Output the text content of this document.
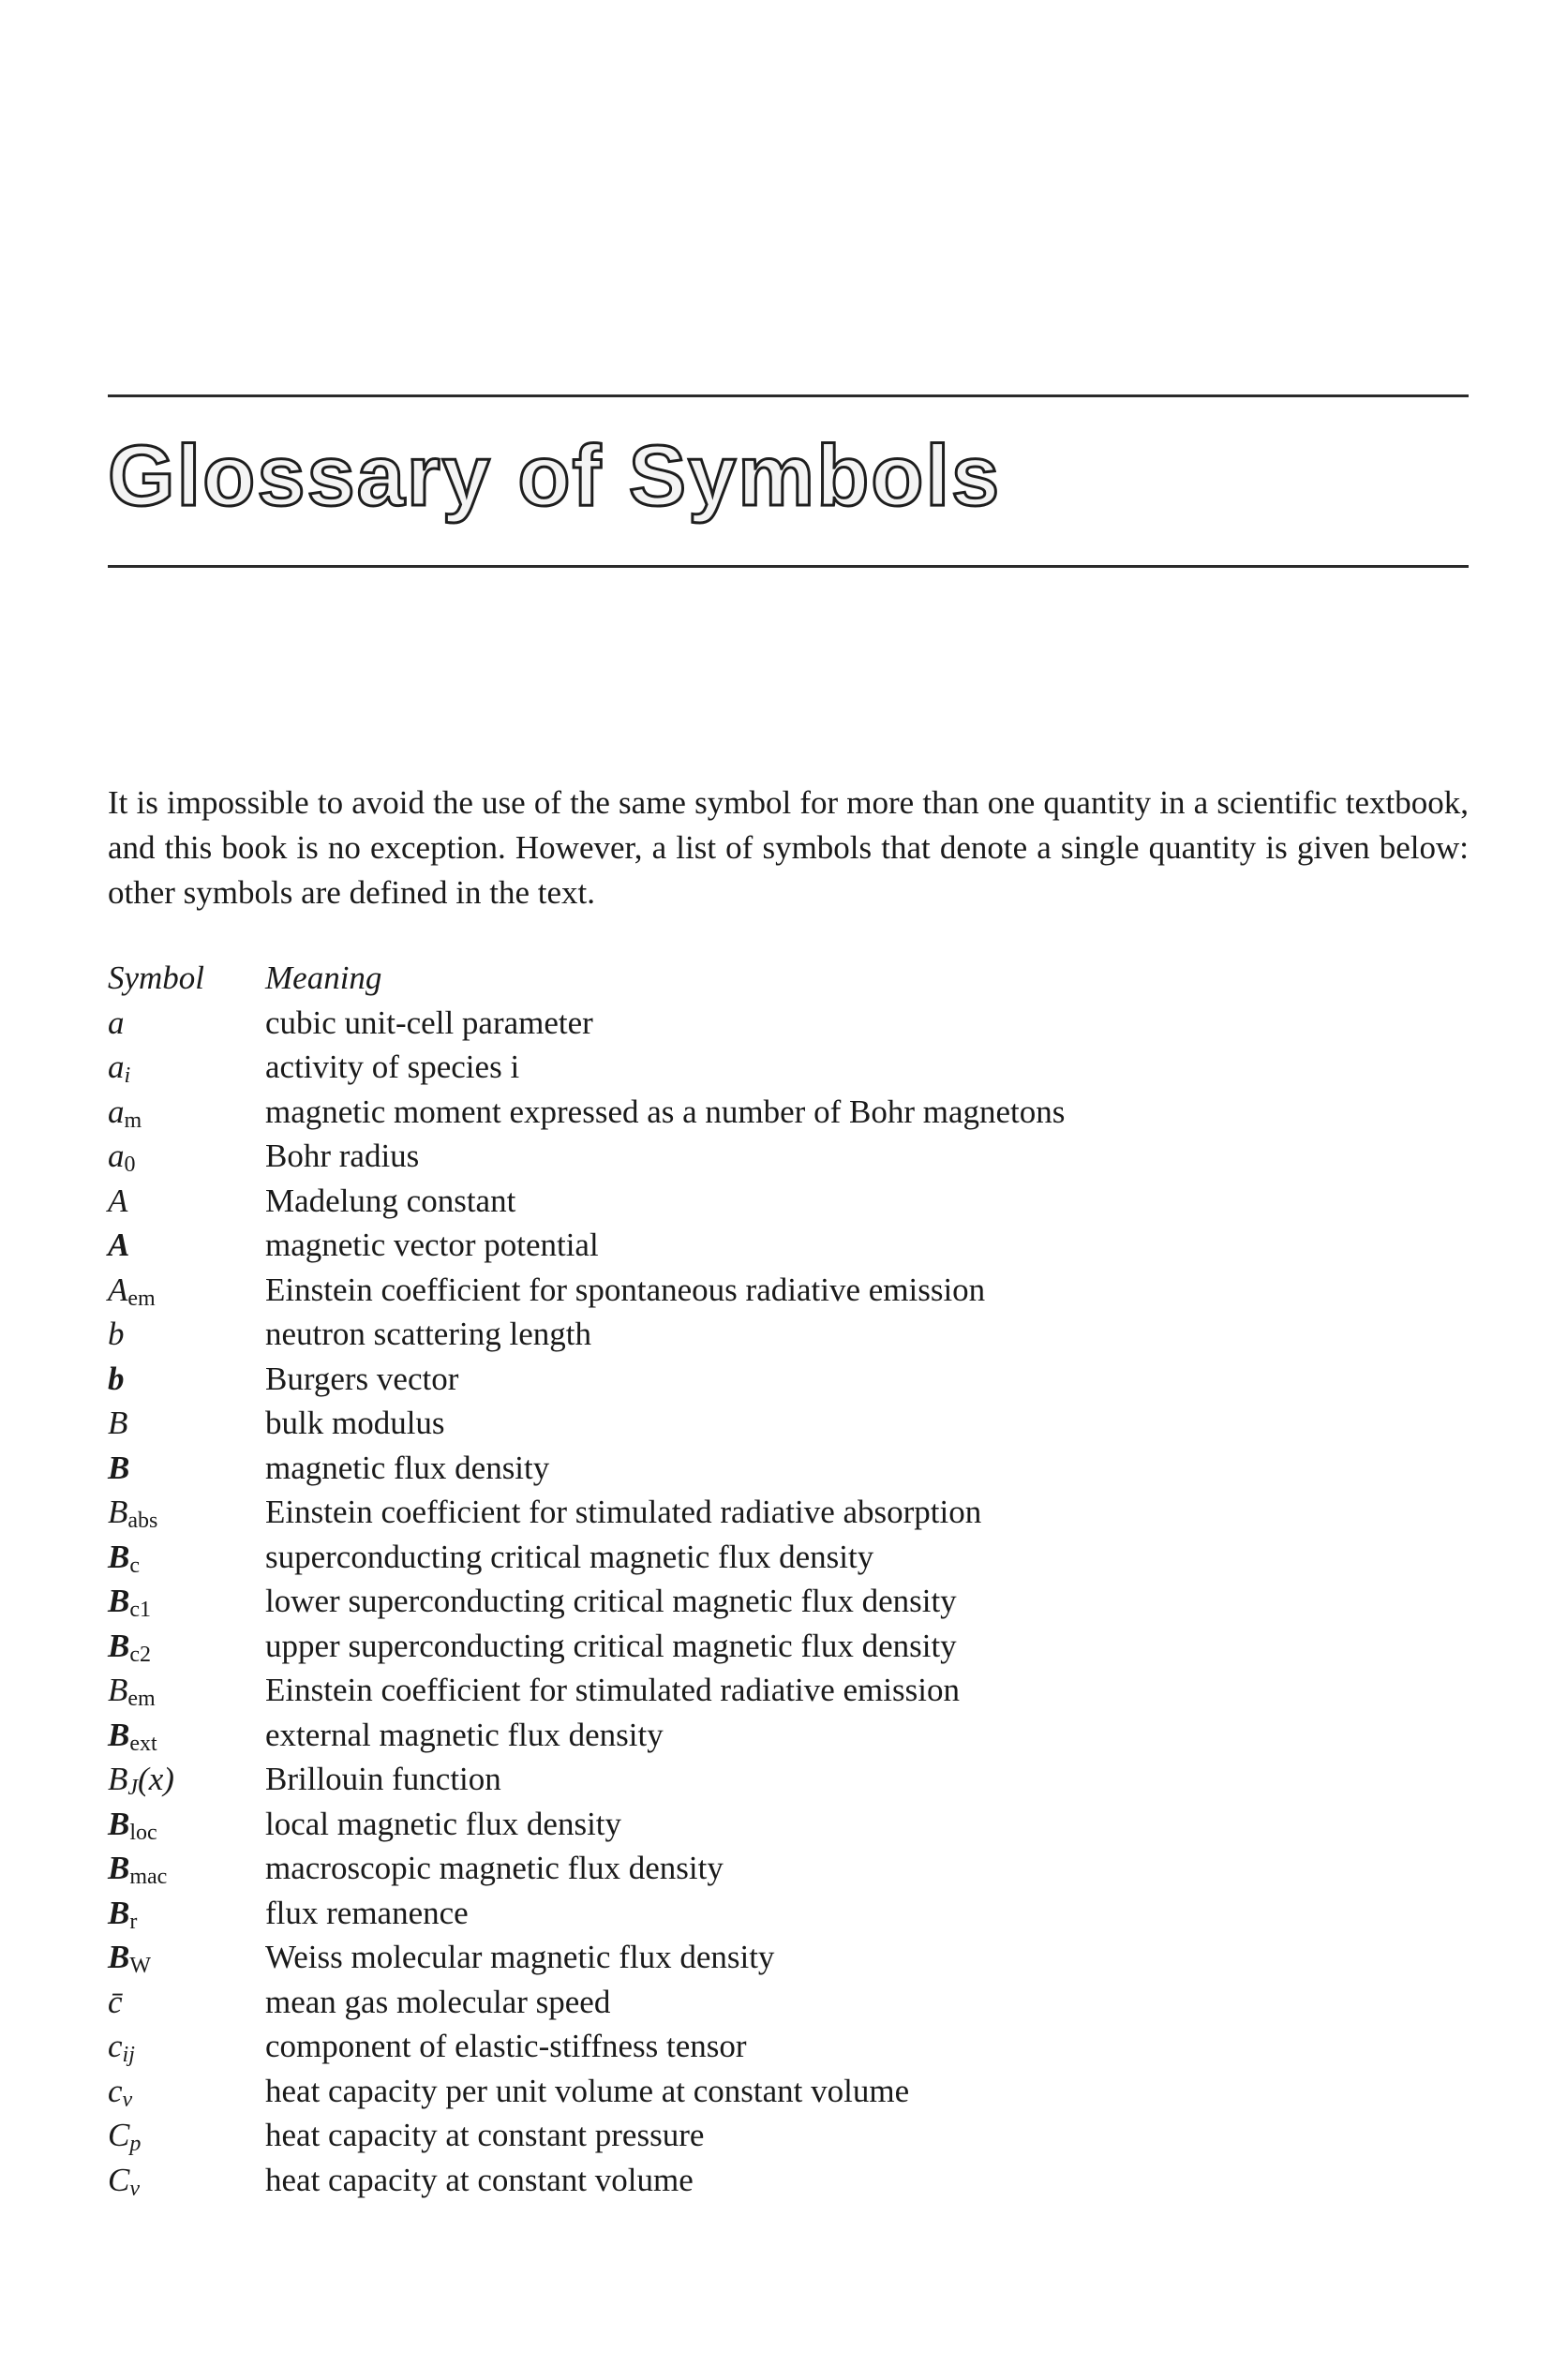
Glossary of Symbols

It is impossible to avoid the use of the same symbol for more than one quantity in a scientific textbook, and this book is no exception. However, a list of symbols that denote a single quantity is given below: other symbols are defined in the text.

Symbol	Meaning
a	cubic unit-cell parameter
$a_i$	activity of species i
$a_m$	magnetic moment expressed as a number of Bohr magnetons
$a_0$	Bohr radius
A	Madelung constant
A	magnetic vector potential
$A_{em}$	Einstein coefficient for spontaneous radiative emission
b	neutron scattering length
b	Burgers vector
B	bulk modulus
B	magnetic flux density
$B_{abs}$	Einstein coefficient for stimulated radiative absorption
$B_c$	superconducting critical magnetic flux density
$B_{c1}$	lower superconducting critical magnetic flux density
$B_{c2}$	upper superconducting critical magnetic flux density
$B_{em}$	Einstein coefficient for stimulated radiative emission
$B_{ext}$	external magnetic flux density
$B_J(x)$	Brillouin function
$B_{loc}$	local magnetic flux density
$B_{mac}$	macroscopic magnetic flux density
$B_r$	flux remanence
$B_W$	Weiss molecular magnetic flux density
c̄	mean gas molecular speed
$c_{ij}$	component of elastic-stiffness tensor
$c_v$	heat capacity per unit volume at constant volume
$C_p$	heat capacity at constant pressure
$C_v$	heat capacity at constant volume
